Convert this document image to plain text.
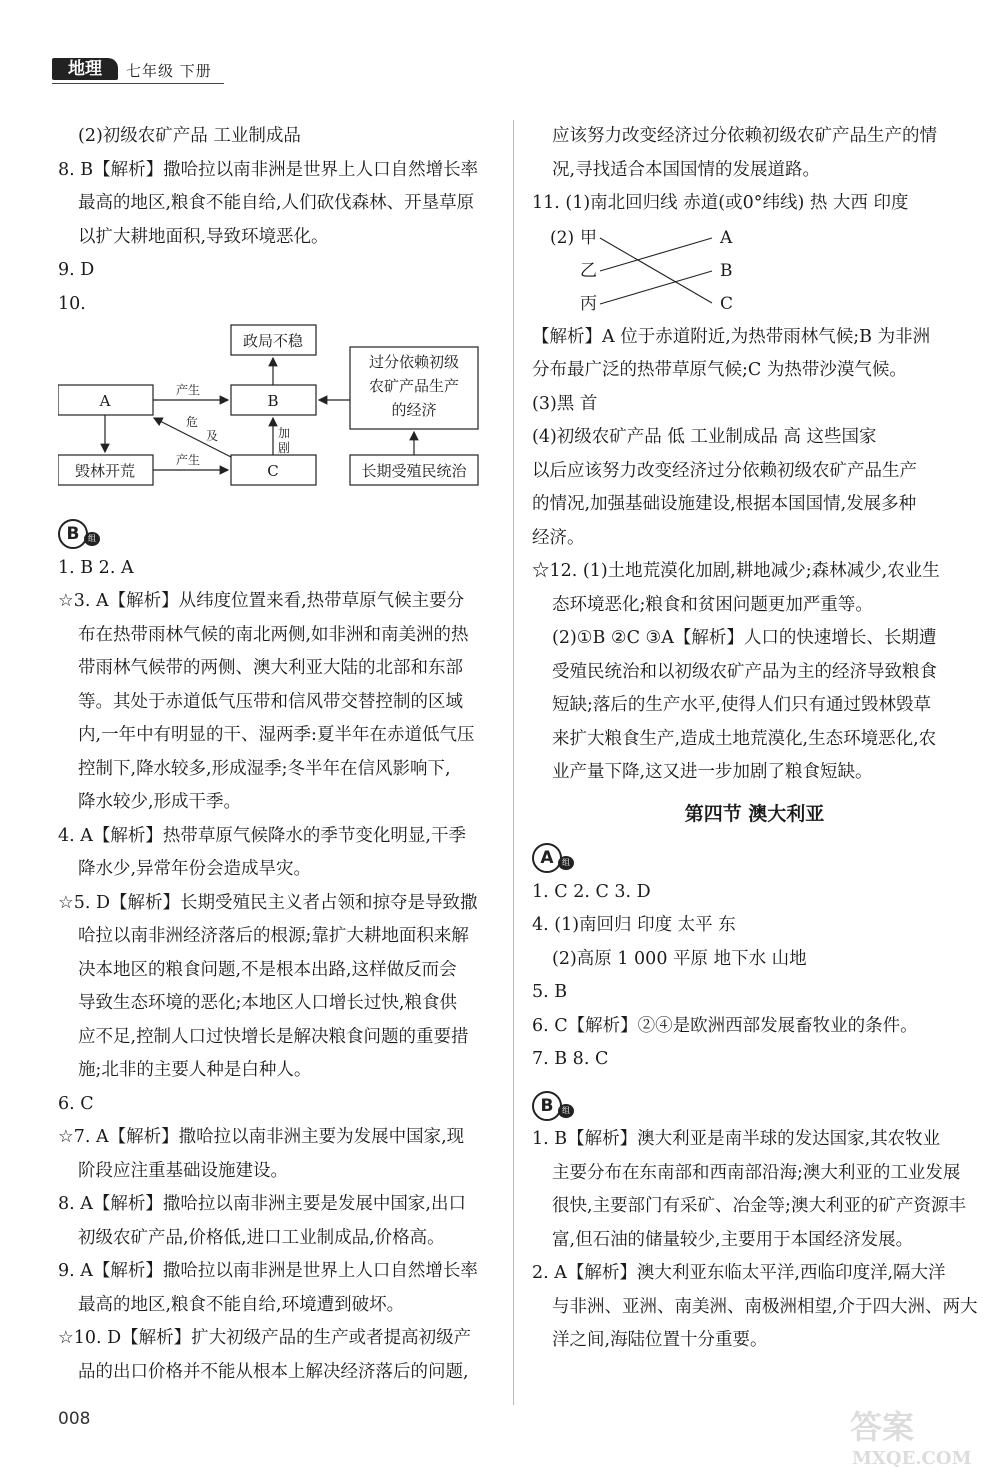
地理	七年级 下册

(2)初级农矿产品 工业制成品

8. B【解析】撒哈拉以南非洲是世界上人口自然增长率

最高的地区,粮食不能自给,人们砍伐森林、开垦草原

以扩大耕地面积,导致环境恶化。

9. D

10.

政局不稳
A	B
毁林开荒	C
过分依赖初级
农矿产品生产
的经济
长期受殖民统治
产生
产生
加
剧
危
及
B	组

1. B 2. A

☆3. A【解析】从纬度位置来看,热带草原气候主要分

布在热带雨林气候的南北两侧,如非洲和南美洲的热

带雨林气候带的两侧、澳大利亚大陆的北部和东部

等。其处于赤道低气压带和信风带交替控制的区域

内,一年中有明显的干、湿两季:夏半年在赤道低气压

控制下,降水较多,形成湿季;冬半年在信风影响下,

降水较少,形成干季。

4. A【解析】热带草原气候降水的季节变化明显,干季

降水少,异常年份会造成旱灾。

☆5. D【解析】长期受殖民主义者占领和掠夺是导致撒

哈拉以南非洲经济落后的根源;靠扩大耕地面积来解

决本地区的粮食问题,不是根本出路,这样做反而会

导致生态环境的恶化;本地区人口增长过快,粮食供

应不足,控制人口过快增长是解决粮食问题的重要措

施;北非的主要人种是白种人。

6. C

☆7. A【解析】撒哈拉以南非洲主要为发展中国家,现

阶段应注重基础设施建设。

8. A【解析】撒哈拉以南非洲主要是发展中国家,出口

初级农矿产品,价格低,进口工业制成品,价格高。

9. A【解析】撒哈拉以南非洲是世界上人口自然增长率

最高的地区,粮食不能自给,环境遭到破坏。

☆10. D【解析】扩大初级产品的生产或者提高初级产

品的出口价格并不能从根本上解决经济落后的问题,

应该努力改变经济过分依赖初级农矿产品生产的情

况,寻找适合本国国情的发展道路。

11. (1)南北回归线 赤道(或0°纬线) 热 大西 印度

(2) 甲
乙
丙
A
B
C

【解析】A 位于赤道附近,为热带雨林气候;B 为非洲

分布最广泛的热带草原气候;C 为热带沙漠气候。

(3)黑 首

(4)初级农矿产品 低 工业制成品 高 这些国家

以后应该努力改变经济过分依赖初级农矿产品生产

的情况,加强基础设施建设,根据本国国情,发展多种

经济。

☆12. (1)土地荒漠化加剧,耕地减少;森林减少,农业生

态环境恶化;粮食和贫困问题更加严重等。

(2)①B ②C ③A【解析】人口的快速增长、长期遭

受殖民统治和以初级农矿产品为主的经济导致粮食

短缺;落后的生产水平,使得人们只有通过毁林毁草

来扩大粮食生产,造成土地荒漠化,生态环境恶化,农

业产量下降,这又进一步加剧了粮食短缺。

第四节 澳大利亚

A	组

1. C 2. C 3. D

4. (1)南回归 印度 太平 东

(2)高原 1 000 平原 地下水 山地

5. B

6. C【解析】②④是欧洲西部发展畜牧业的条件。

7. B 8. C

B	组

1. B【解析】澳大利亚是南半球的发达国家,其农牧业

主要分布在东南部和西南部沿海;澳大利亚的工业发展

很快,主要部门有采矿、冶金等;澳大利亚的矿产资源丰

富,但石油的储量较少,主要用于本国经济发展。

2. A【解析】澳大利亚东临太平洋,西临印度洋,隔大洋

与非洲、亚洲、南美洲、南极洲相望,介于四大洲、两大

洋之间,海陆位置十分重要。

008	答案
MXQE.COM
